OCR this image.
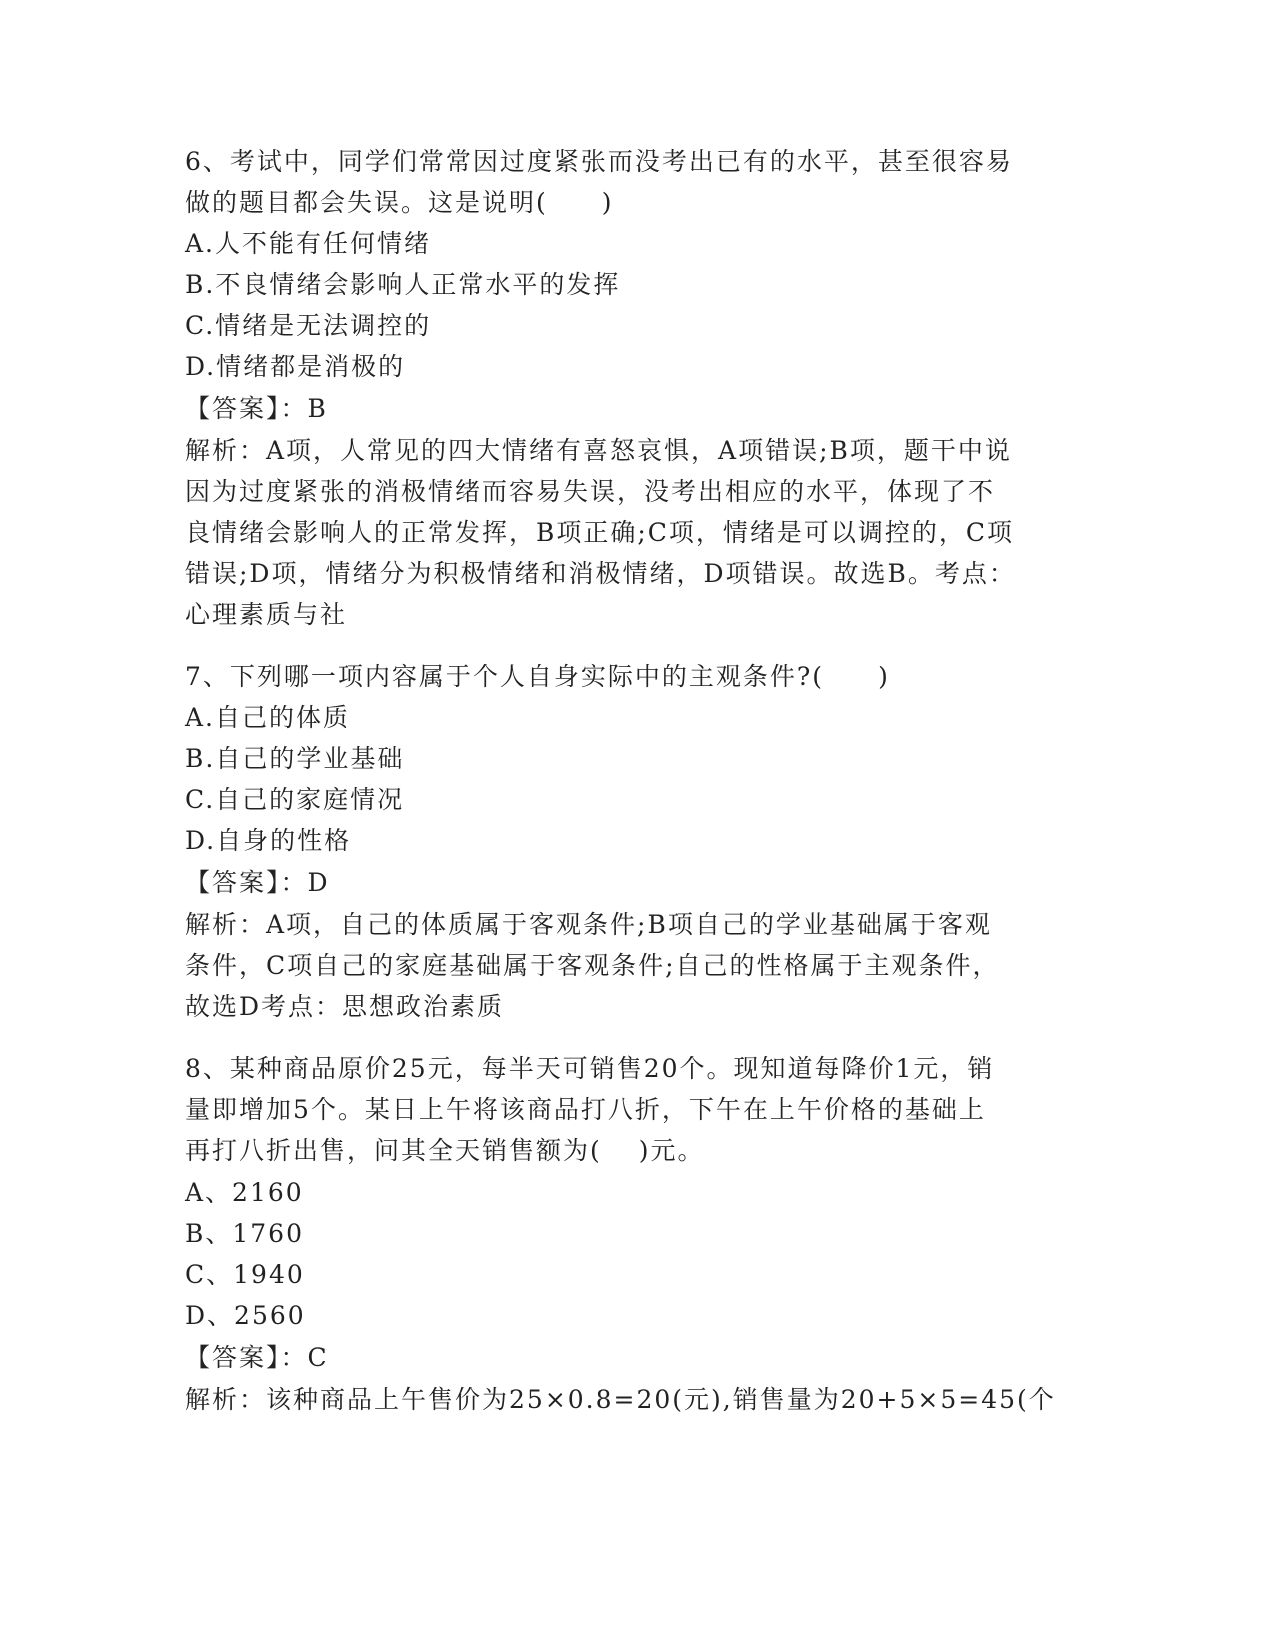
6、考试中，同学们常常因过度紧张而没考出已有的水平，甚至很容易
做的题目都会失误。这是说明(　　)
A.人不能有任何情绪
B.不良情绪会影响人正常水平的发挥
C.情绪是无法调控的
D.情绪都是消极的
【答案】：B
解析：A项，人常见的四大情绪有喜怒哀惧，A项错误;B项，题干中说
因为过度紧张的消极情绪而容易失误，没考出相应的水平，体现了不
良情绪会影响人的正常发挥，B项正确;C项，情绪是可以调控的，C项
错误;D项，情绪分为积极情绪和消极情绪，D项错误。故选B。考点：
心理素质与社
7、下列哪一项内容属于个人自身实际中的主观条件?(　　)
A.自己的体质
B.自己的学业基础
C.自己的家庭情况
D.自身的性格
【答案】：D
解析：A项，自己的体质属于客观条件;B项自己的学业基础属于客观
条件，C项自己的家庭基础属于客观条件;自己的性格属于主观条件，
故选D考点：思想政治素质
8、某种商品原价25元，每半天可销售20个。现知道每降价1元，销
量即增加5个。某日上午将该商品打八折，下午在上午价格的基础上
再打八折出售，问其全天销售额为(　 )元。
A、2160
B、1760
C、1940
D、2560
【答案】：C
解析：该种商品上午售价为25×0.8=20(元),销售量为20+5×5=45(个
